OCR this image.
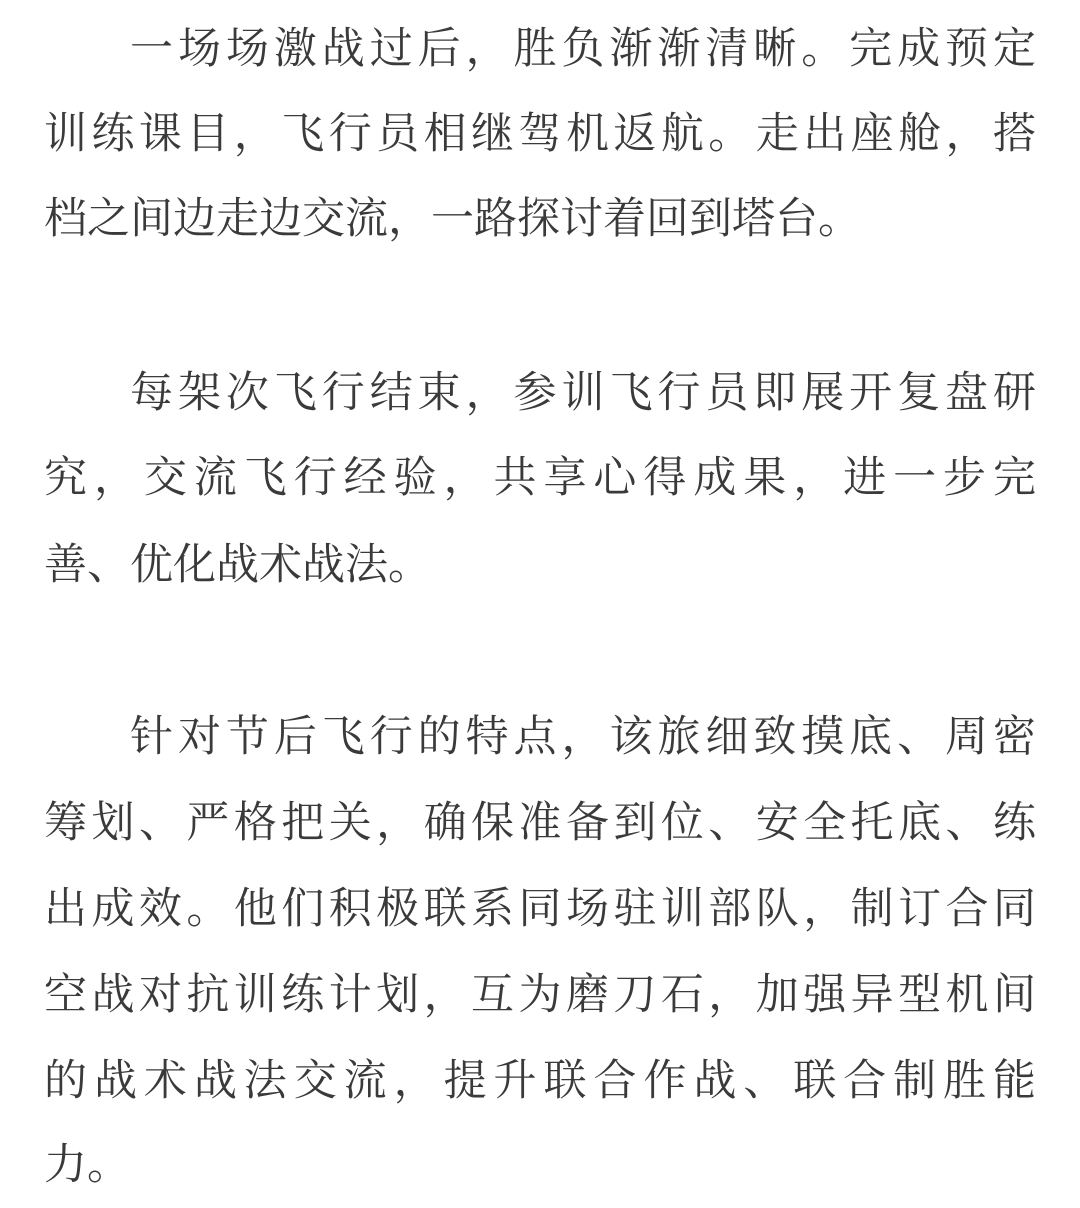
一场场激战过后，胜负渐渐清晰。完成预定
训练课目，飞行员相继驾机返航。走出座舱，搭
档之间边走边交流，一路探讨着回到塔台。
每架次飞行结束，参训飞行员即展开复盘研
究，交流飞行经验，共享心得成果，进一步完
善、优化战术战法。
针对节后飞行的特点，该旅细致摸底、周密
筹划、严格把关，确保准备到位、安全托底、练
出成效。他们积极联系同场驻训部队，制订合同
空战对抗训练计划，互为磨刀石，加强异型机间
的战术战法交流，提升联合作战、联合制胜能
力。
